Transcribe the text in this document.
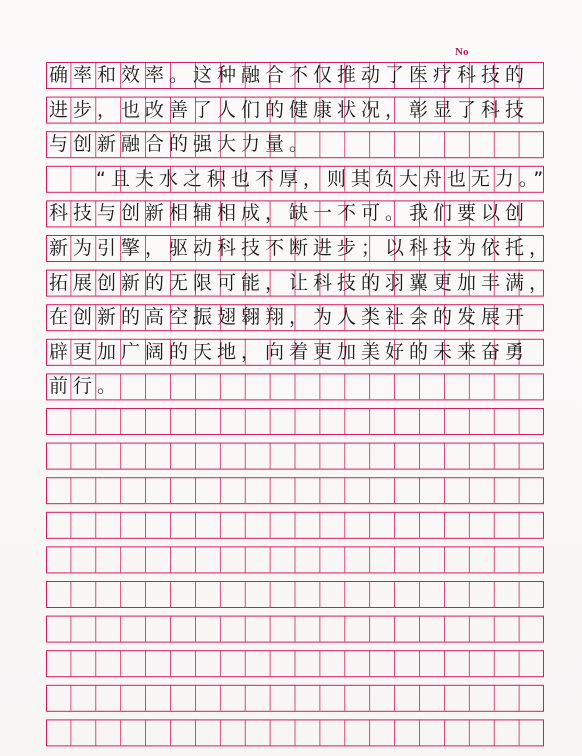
No
确率和效率。这种融合不仅推动了医疗科技的
进步，也改善了人们的健康状况，彰显了科技
与创新融合的强大力量。
“且夫水之积也不厚，则其负大舟也无力。”
科技与创新相辅相成，缺一不可。我们要以创
新为引擎，驱动科技不断进步；以科技为依托，
拓展创新的无限可能，让科技的羽翼更加丰满，
在创新的高空振翅翱翔，为人类社会的发展开
辟更加广阔的天地，向着更加美好的未来奋勇
前行。
